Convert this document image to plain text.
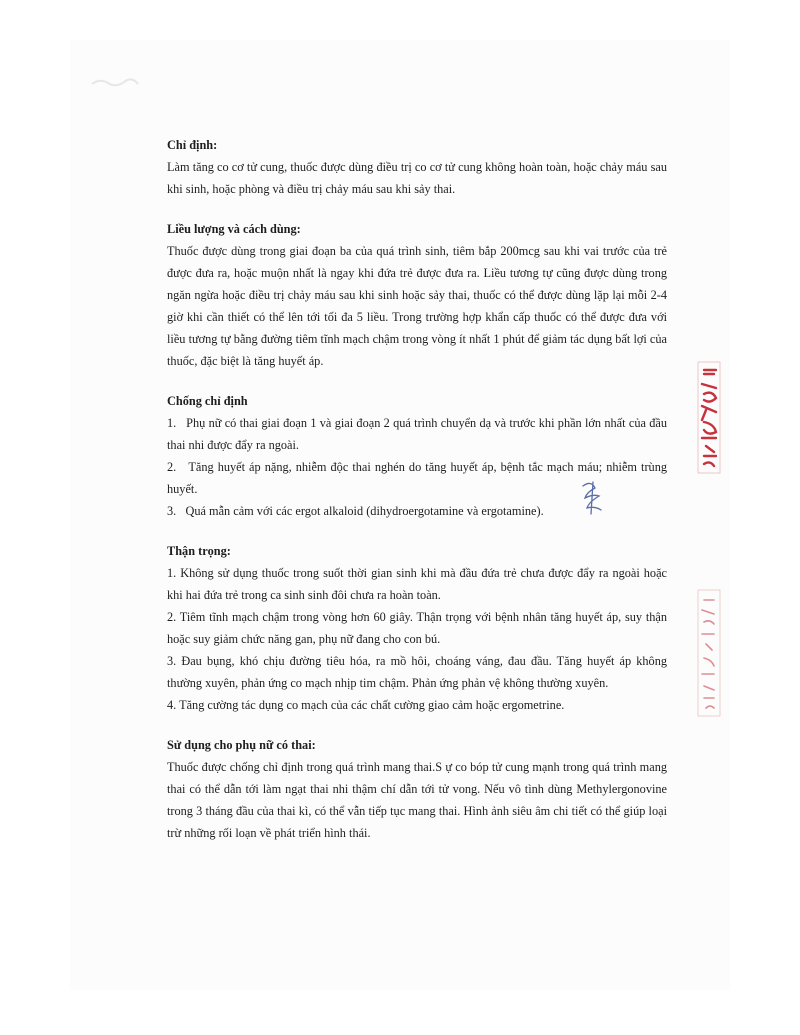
Chỉ định:

Làm tăng co cơ tử cung, thuốc được dùng điều trị co cơ tử cung không hoàn toàn, hoặc chảy máu sau khi sinh, hoặc phòng và điều trị chảy máu sau khi sảy thai.

Liều lượng và cách dùng:

Thuốc được dùng trong giai đoạn ba của quá trình sinh, tiêm bắp 200mcg sau khi vai trước của trẻ được đưa ra, hoặc muộn nhất là ngay khi đứa trẻ được đưa ra. Liều tương tự cũng được dùng trong ngăn ngừa hoặc điều trị chảy máu sau khi sinh hoặc sảy thai, thuốc có thể được dùng lặp lại mỗi 2-4 giờ khi cần thiết có thể lên tới tối đa 5 liều. Trong trường hợp khẩn cấp thuốc có thể được đưa với liều tương tự bằng đường tiêm tĩnh mạch chậm trong vòng ít nhất 1 phút để giảm tác dụng bất lợi của thuốc, đặc biệt là tăng huyết áp.

Chống chỉ định

1.   Phụ nữ có thai giai đoạn 1 và giai đoạn 2 quá trình chuyển dạ và trước khi phần lớn nhất của đầu thai nhi được đẩy ra ngoài.

2.   Tăng huyết áp nặng, nhiễm độc thai nghén do tăng huyết áp, bệnh tắc mạch máu; nhiễm trùng huyết.

3.   Quá mẫn cảm với các ergot alkaloid (dihydroergotamine và ergotamine).

Thận trọng:

1. Không sử dụng thuốc trong suốt thời gian sinh khi mà đầu đứa trẻ chưa được đẩy ra ngoài hoặc khi hai đứa trẻ trong ca sinh sinh đôi chưa ra hoàn toàn.

2. Tiêm tĩnh mạch chậm trong vòng hơn 60 giây. Thận trọng với bệnh nhân tăng huyết áp, suy thận hoặc suy giảm chức năng gan, phụ nữ đang cho con bú.

3. Đau bụng, khó chịu đường tiêu hóa, ra mồ hôi, choáng váng, đau đầu. Tăng huyết áp không thường xuyên, phản ứng co mạch nhịp tim chậm. Phản ứng phản vệ không thường xuyên.

4. Tăng cường tác dụng co mạch của các chất cường giao cảm hoặc ergometrine.

Sử dụng cho phụ nữ có thai:

Thuốc được chống chỉ định trong quá trình mang thai.S ự co bóp tử cung mạnh trong quá trình mang thai có thể dẫn tới làm ngạt thai nhi thậm chí dẫn tới tử vong. Nếu vô tình dùng Methylergonovine trong 3 tháng đầu của thai kì, có thể vẫn tiếp tục mang thai. Hình ảnh siêu âm chi tiết có thể giúp loại trừ những rối loạn về phát triển hình thái.
